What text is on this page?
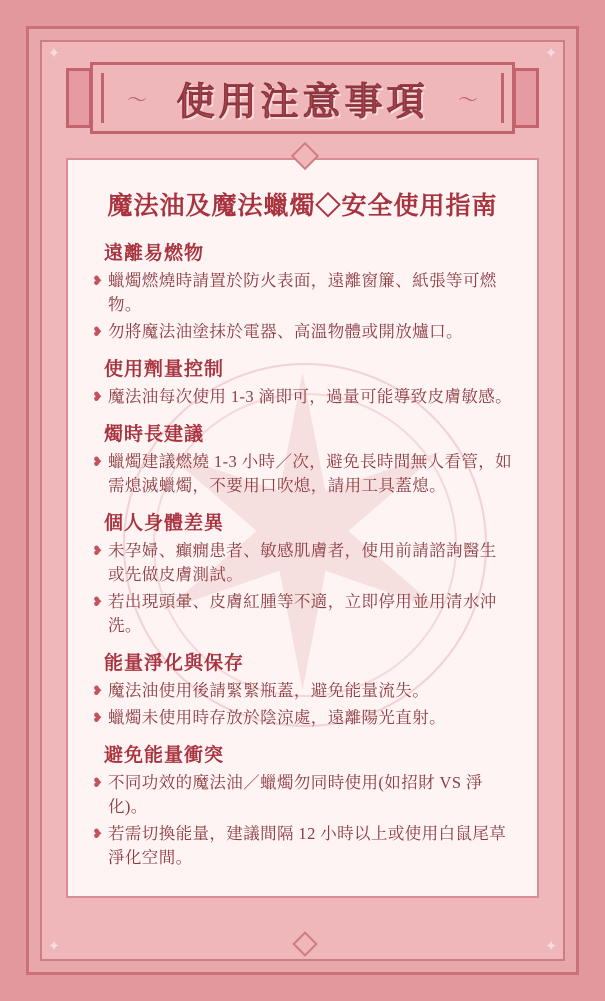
✦	✦
✦	✦
〜 使用注意事項	〜
✶ 魔法油及魔法蠟燭◇安全使用指南
遠離易燃物
❥ 蠟燭燃燒時請置於防火表面，遠離窗簾、紙張等可燃物。
❥ 勿將魔法油塗抹於電器、高溫物體或開放爐口。
使用劑量控制
❥ 魔法油每次使用 1-3 滴即可，過量可能導致皮膚敏感。
燭時長建議
❥ 蠟燭建議燃燒 1-3 小時／次，避免長時間無人看管，如需熄滅蠟燭，不要用口吹熄，請用工具蓋熄。
個人身體差異
❥ 未孕婦、癲癇患者、敏感肌膚者，使用前請諮詢醫生或先做皮膚測試。
❥ 若出現頭暈、皮膚紅腫等不適，立即停用並用清水沖洗。
能量淨化與保存
❥ 魔法油使用後請緊緊瓶蓋，避免能量流失。
❥ 蠟燭未使用時存放於陰涼處，遠離陽光直射。
避免能量衝突
❥ 不同功效的魔法油／蠟燭勿同時使用(如招財 VS 淨化)。
❥ 若需切換能量，建議間隔 12 小時以上或使用白鼠尾草淨化空間。
